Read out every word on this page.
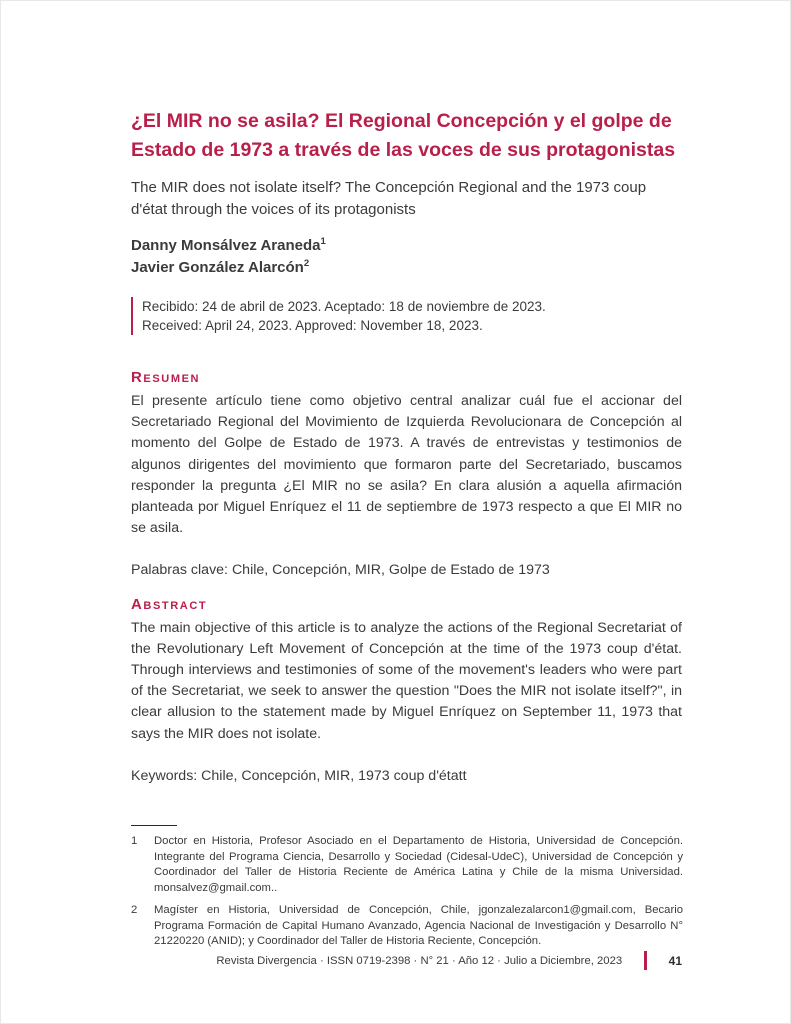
¿El MIR no se asila? El Regional Concepción y el golpe de Estado de 1973 a través de las voces de sus protagonistas

The MIR does not isolate itself? The Concepción Regional and the 1973 coup d'état through the voices of its protagonists

Danny Monsálvez Araneda$^1$

Javier González Alarcón$^2$

Recibido: 24 de abril de 2023. Aceptado: 18 de noviembre de 2023.

Received: April 24, 2023. Approved: November 18, 2023.

Resumen

El presente artículo tiene como objetivo central analizar cuál fue el accionar del Secretariado Regional del Movimiento de Izquierda Revolucionara de Concepción al momento del Golpe de Estado de 1973. A través de entrevistas y testimonios de algunos dirigentes del movimiento que formaron parte del Secretariado, buscamos responder la pregunta ¿El MIR no se asila? En clara alusión a aquella afirmación planteada por Miguel Enríquez el 11 de septiembre de 1973 respecto a que El MIR no se asila.

Palabras clave: Chile, Concepción, MIR, Golpe de Estado de 1973

Abstract

The main objective of this article is to analyze the actions of the Regional Secretariat of the Revolutionary Left Movement of Concepción at the time of the 1973 coup d'état. Through interviews and testimonies of some of the movement's leaders who were part of the Secretariat, we seek to answer the question "Does the MIR not isolate itself?", in clear allusion to the statement made by Miguel Enríquez on September 11, 1973 that says the MIR does not isolate.

Keywords: Chile, Concepción, MIR, 1973 coup d'étatt

1	Doctor en Historia, Profesor Asociado en el Departamento de Historia, Universidad de Concepción. Integrante del Programa Ciencia, Desarrollo y Sociedad (Cidesal-UdeC), Universidad de Concepción y Coordinador del Taller de Historia Reciente de América Latina y Chile de la misma Universidad. monsalvez@gmail.com..
2	Magíster en Historia, Universidad de Concepción, Chile, jgonzalezalarcon1@gmail.com, Becario Programa Formación de Capital Humano Avanzado, Agencia Nacional de Investigación y Desarrollo N° 21220220 (ANID); y Coordinador del Taller de Historia Reciente, Concepción.
Revista Divergencia · ISSN 0719-2398 · N° 21 · Año 12 · Julio a Diciembre, 2023	41
